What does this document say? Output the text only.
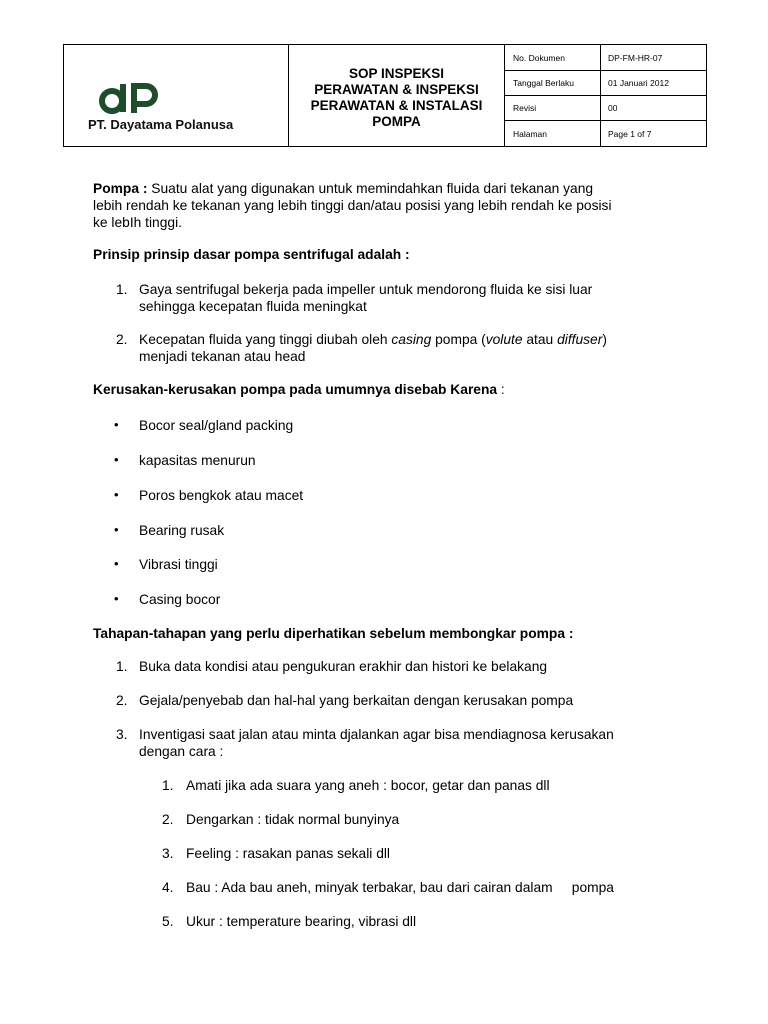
PT. Dayatama Polanusa
SOP INSPEKSI
PERAWATAN & INSPEKSI
PERAWATAN & INSTALASI
POMPA
No. Dokumen	DP-FM-HR-07
Tanggal Berlaku	01 Januari 2012
Revisi	00
Halaman	Page 1 of 7
Pompa : Suatu alat yang digunakan untuk memindahkan fluida dari tekanan yang
lebih rendah ke tekanan yang lebih tinggi dan/atau posisi yang lebih rendah ke posisi
ke lebIh tinggi.
Prinsip prinsip dasar pompa sentrifugal adalah :
1. Gaya sentrifugal bekerja pada impeller untuk mendorong fluida ke sisi luar
sehingga kecepatan fluida meningkat
2. Kecepatan fluida yang tinggi diubah oleh casing pompa (volute atau diffuser)
menjadi tekanan atau head
Kerusakan-kerusakan pompa pada umumnya disebab Karena :
• Bocor seal/gland packing
• kapasitas menurun
• Poros bengkok atau macet
• Bearing rusak
• Vibrasi tinggi
• Casing bocor
Tahapan-tahapan yang perlu diperhatikan sebelum membongkar pompa :
1. Buka data kondisi atau pengukuran erakhir dan histori ke belakang
2. Gejala/penyebab dan hal-hal yang berkaitan dengan kerusakan pompa
3. Inventigasi saat jalan atau minta djalankan agar bisa mendiagnosa kerusakan
dengan cara :
1. Amati jika ada suara yang aneh : bocor, getar dan panas dll
2. Dengarkan : tidak normal bunyinya
3. Feeling : rasakan panas sekali dll
4. Bau : Ada bau aneh, minyak terbakar, bau dari cairan dalam     pompa
5. Ukur : temperature bearing, vibrasi dll
